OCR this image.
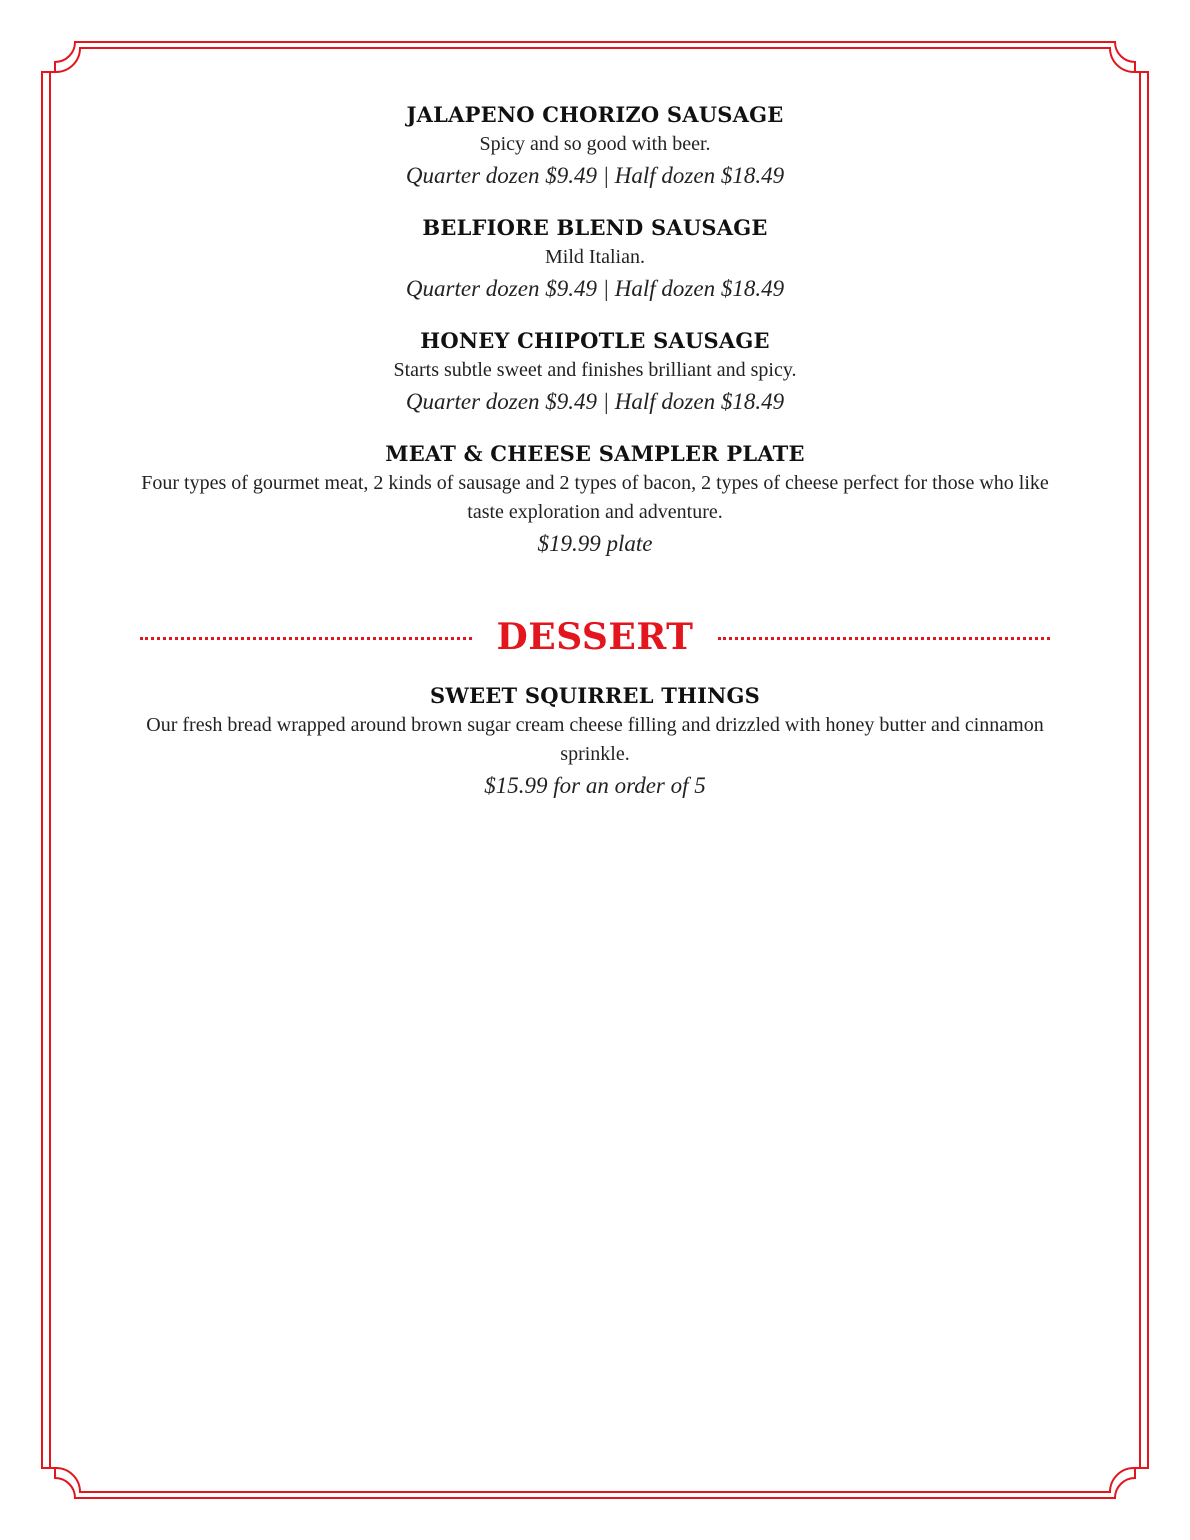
JALAPENO CHORIZO SAUSAGE
Spicy and so good with beer.
Quarter dozen $9.49 | Half dozen $18.49
BELFIORE BLEND SAUSAGE
Mild Italian.
Quarter dozen $9.49 | Half dozen $18.49
HONEY CHIPOTLE SAUSAGE
Starts subtle sweet and finishes brilliant and spicy.
Quarter dozen $9.49 | Half dozen $18.49
MEAT & CHEESE SAMPLER PLATE
Four types of gourmet meat, 2 kinds of sausage and 2 types of bacon, 2 types of cheese perfect for those who like taste exploration and adventure.
$19.99 plate
DESSERT
SWEET SQUIRREL THINGS
Our fresh bread wrapped around brown sugar cream cheese filling and drizzled with honey butter and cinnamon sprinkle.
$15.99 for an order of 5
